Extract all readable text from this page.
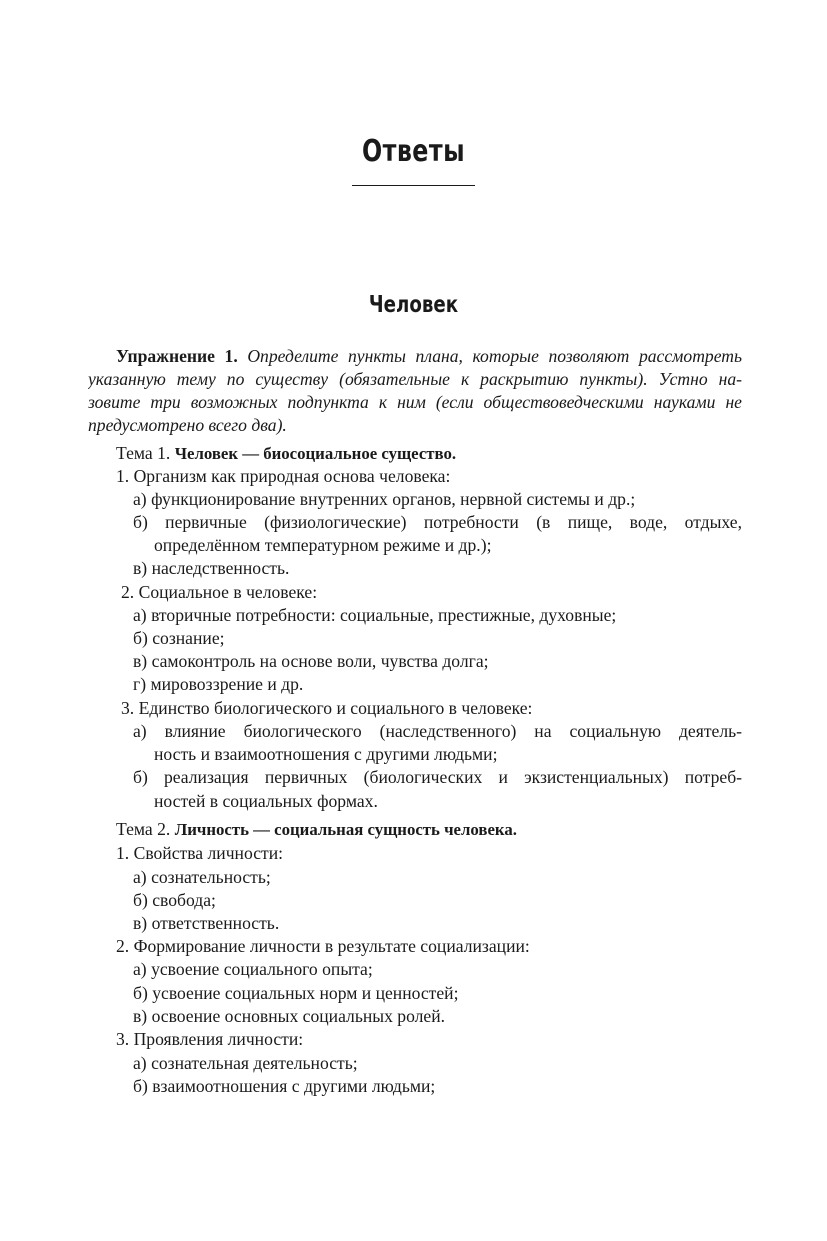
Ответы
Человек
Упражнение 1. Определите пункты плана, которые позволяют рассмотреть
указанную тему по существу (обязательные к раскрытию пункты). Устно на-
зовите три возможных подпункта к ним (если обществоведческими науками не
предусмотрено всего два).
Тема 1. Человек — биосоциальное существо.
1. Организм как природная основа человека:
а) функционирование внутренних органов, нервной системы и др.;
б) первичные (физиологические) потребности (в пище, воде, отдыхе,
определённом температурном режиме и др.);
в) наследственность.
2. Социальное в человеке:
а) вторичные потребности: социальные, престижные, духовные;
б) сознание;
в) самоконтроль на основе воли, чувства долга;
г) мировоззрение и др.
3. Единство биологического и социального в человеке:
а) влияние биологического (наследственного) на социальную деятель-
ность и взаимоотношения с другими людьми;
б) реализация первичных (биологических и экзистенциальных) потреб-
ностей в социальных формах.
Тема 2. Личность — социальная сущность человека.
1. Свойства личности:
а) сознательность;
б) свобода;
в) ответственность.
2. Формирование личности в результате социализации:
а) усвоение социального опыта;
б) усвоение социальных норм и ценностей;
в) освоение основных социальных ролей.
3. Проявления личности:
а) сознательная деятельность;
б) взаимоотношения с другими людьми;
